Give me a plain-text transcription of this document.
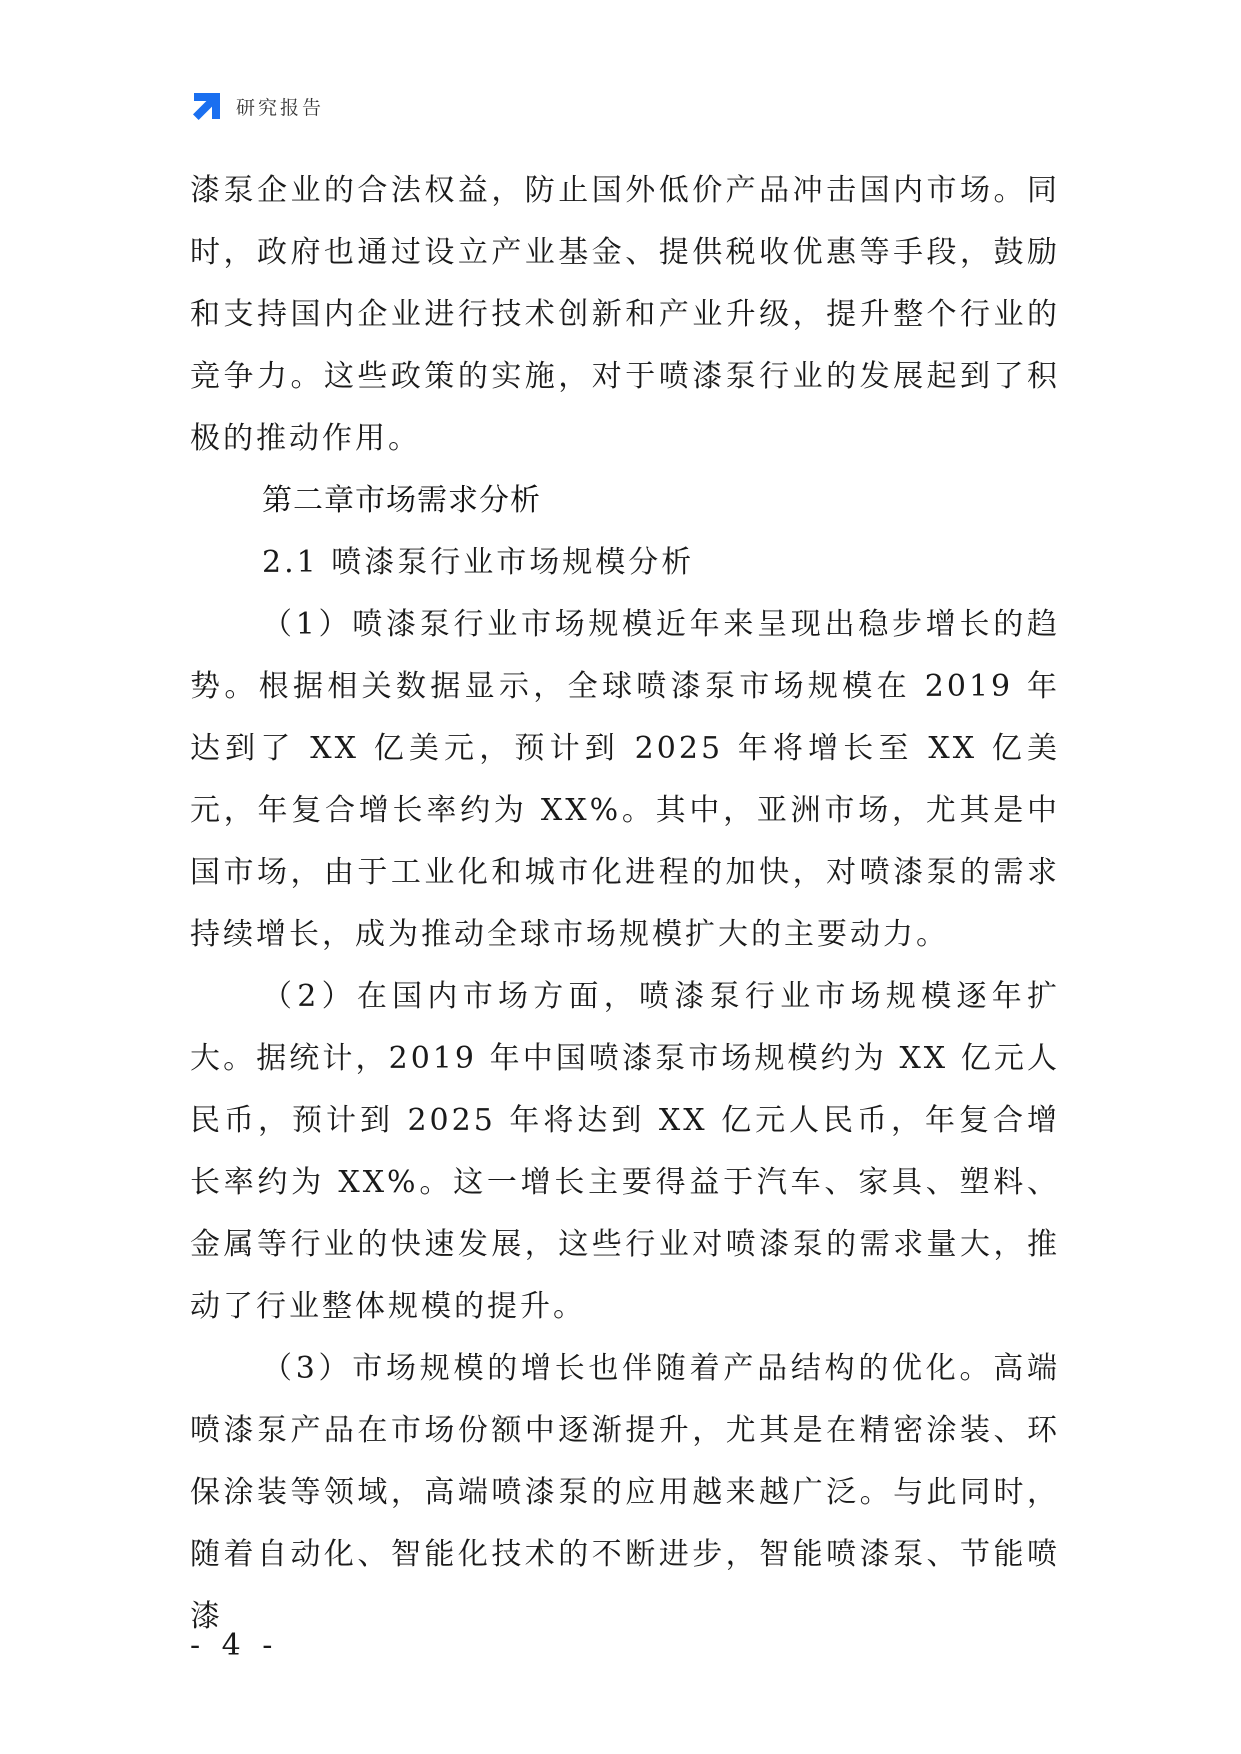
研究报告

漆泵企业的合法权益，防止国外低价产品冲击国内市场。同时，政府也通过设立产业基金、提供税收优惠等手段，鼓励和支持国内企业进行技术创新和产业升级，提升整个行业的竞争力。这些政策的实施，对于喷漆泵行业的发展起到了积极的推动作用。

第二章市场需求分析
2.1 喷漆泵行业市场规模分析

（1）喷漆泵行业市场规模近年来呈现出稳步增长的趋势。根据相关数据显示，全球喷漆泵市场规模在 2019 年达到了 XX 亿美元，预计到 2025 年将增长至 XX 亿美元，年复合增长率约为 XX%。其中，亚洲市场，尤其是中国市场，由于工业化和城市化进程的加快，对喷漆泵的需求持续增长，成为推动全球市场规模扩大的主要动力。

（2）在国内市场方面，喷漆泵行业市场规模逐年扩大。据统计，2019 年中国喷漆泵市场规模约为 XX 亿元人民币，预计到 2025 年将达到 XX 亿元人民币，年复合增长率约为 XX%。这一增长主要得益于汽车、家具、塑料、金属等行业的快速发展，这些行业对喷漆泵的需求量大，推动了行业整体规模的提升。

（3）市场规模的增长也伴随着产品结构的优化。高端喷漆泵产品在市场份额中逐渐提升，尤其是在精密涂装、环保涂装等领域，高端喷漆泵的应用越来越广泛。与此同时，随着自动化、智能化技术的不断进步，智能喷漆泵、节能喷漆

- 4 -
